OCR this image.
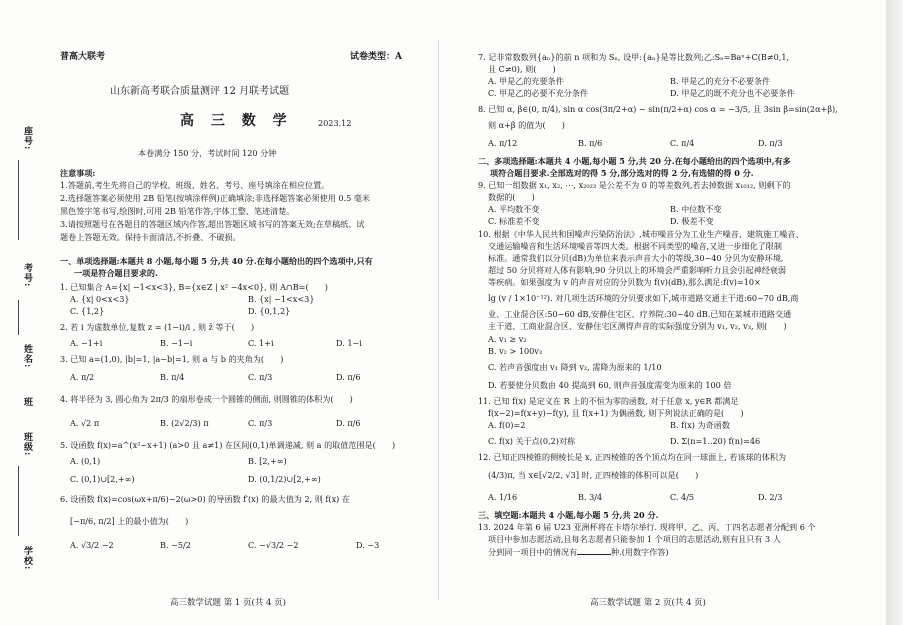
座号:
考号:
姓名:
班
班级:
学校:
普高大联考	试卷类型：A
山东新高考联合质量测评 12 月联考试题
高 三 数 学	2023.12
本卷满分 150 分，考试时间 120 分钟
注意事项:
1.答题前,考生先将自己的学校、班级、姓名、考号、座号填涂在相应位置。
2.选择题答案必须使用 2B 铅笔(按填涂样例)正确填涂;非选择题答案必须使用 0.5 毫米
黑色签字笔书写,绘图时,可用 2B 铅笔作答,字体工整、笔迹清楚。
3.请按照题号在各题目的答题区域内作答,超出答题区域书写的答案无效;在草稿纸、试
题卷上答题无效。保持卡面清洁,不折叠、不破损。
一、单项选择题:本题共 8 小题,每小题 5 分,共 40 分.在每小题给出的四个选项中,只有
一项是符合题目要求的.
1. 已知集合 A={x| −1<x<3}, B={x∈Z | x² −4x<0}, 则 A∩B=(　　)
A. {x| 0<x<3}	B. {x| −1<x<3}
C. {1,2}	D. {0,1,2}
2. 若 i 为虚数单位,复数 z = (1−i)/i , 则 z̄ 等于(　　)
A. −1+i	B. −1−i	C. 1+i	D. 1−i
3. 已知 a=(1,0), |b|=1, |a−b|=1, 则 a 与 b 的夹角为(　　)
A. π/2	B. π/4	C. π/3	D. π/6
4. 将半径为 3, 圆心角为 2π/3 的扇形卷成一个圆锥的侧面, 则圆锥的体积为(　　)
A. √2 π	B. (2√2/3) π	C. π/3	D. π/6
5. 设函数 f(x)=a^(x²−x+1) (a>0 且 a≠1) 在区间(0,1)单调递减, 则 a 的取值范围是(　　)
A. (0,1)	B. [2,+∞)
C. (0,1)∪[2,+∞)	D. (0,1/2)∪[2,+∞)
6. 设函数 f(x)=cos(ωx+π/6)−2(ω>0) 的导函数 f′(x) 的最大值为 2, 则 f(x) 在
[−π/6, π/2] 上的最小值为(　　)
A. √3/2 −2	B. −5/2	C. −√3/2 −2	D. −3
高三数学试题 第 1 页(共 4 页)
7. 记非常数数列{aₙ}的前 n 项和为 Sₙ, 设甲:{aₙ}是等比数列;乙:Sₙ=Baⁿ+C(B≠0,1,
且 C≠0), 则(　　)
A. 甲是乙的充要条件	B. 甲是乙的充分不必要条件
C. 甲是乙的必要不充分条件	D. 甲是乙的既不充分也不必要条件
8. 已知 α, β∈(0, π/4), sin α cos(3π/2+α) − sin(π/2+α) cos α = −3/5, 且 3sin β=sin(2α+β),
则 α+β 的值为(　　)
A. π/12	B. π/6	C. π/4	D. π/3
二、多项选择题:本题共 4 小题,每小题 5 分,共 20 分.在每小题给出的四个选项中,有多
项符合题目要求.全部选对的得 5 分,部分选对的得 2 分,有选错的得 0 分.
9. 已知一组数据 x₁, x₂, ⋯, x₂₀₂₃ 是公差不为 0 的等差数列,若去掉数据 x₁₀₁₂, 则剩下的
数据的(　　)
A. 平均数不变	B. 中位数不变
C. 标准差不变	D. 极差不变
10. 根据《中华人民共和国噪声污染防治法》,城市噪音分为工业生产噪音、建筑施工噪音、
交通运输噪音和生活环境噪音等四大类。根据不同类型的噪音,又进一步细化了限制
标准。通常我们以分贝(dB)为单位来表示声音大小的等级,30~40 分贝为安静环境,
超过 50 分贝将对人体有影响,90 分贝以上的环境会严重影响听力且会引起神经衰弱
等疾病。如果强度为 v 的声音对应的分贝数为 f(v)(dB),那么满足:f(v)=10×
lg (v / 1×10⁻¹²). 对几项生活环境的分贝要求如下,城市道路交通主干道:60~70 dB,商
业、工业混合区:50~60 dB,安静住宅区、疗养院:30~40 dB.已知在某城市道路交通
主干道、工商业混合区、安静住宅区测得声音的实际强度分别为 v₁, v₂, v₃, 则(　　)
A. v₁ ≥ v₂
B. v₂ > 100v₃
C. 若声音强度由 v₁ 降到 v₂, 需降为原来的 1/10
D. 若要使分贝数由 40 提高到 60, 则声音强度需变为原来的 100 倍
11. 已知 f(x) 是定义在 R 上的不恒为零的函数, 对于任意 x, y∈R 都满足
f(x−2)=f(x+y)−f(y), 且 f(x+1) 为偶函数, 则下列说法正确的是(　　)
A. f(0)=2	B. f(x) 为奇函数
C. f(x) 关于点(0,2)对称	D. Σ(n=1..20) f(n)=46
12. 已知正四棱锥的侧棱长是 x, 正四棱锥的各个顶点均在同一球面上, 若该球的体积为
(4/3)π, 当 x∈[√2/2, √3] 时, 正四棱锥的体积可以是(　　)
A. 1/16	B. 3/4	C. 4/5	D. 2/3
三、填空题:本题共 4 小题,每小题 5 分,共 20 分.
13. 2024 年第 6 届 U23 亚洲杯将在卡塔尔举行. 现将甲、乙、丙、丁四名志愿者分配到 6 个
项目中参加志愿活动,且每名志愿者只能参加 1 个项目的志愿活动,则有且只有 3 人
分到同一项目中的情况有	种.(用数字作答)
高三数学试题 第 2 页(共 4 页)
